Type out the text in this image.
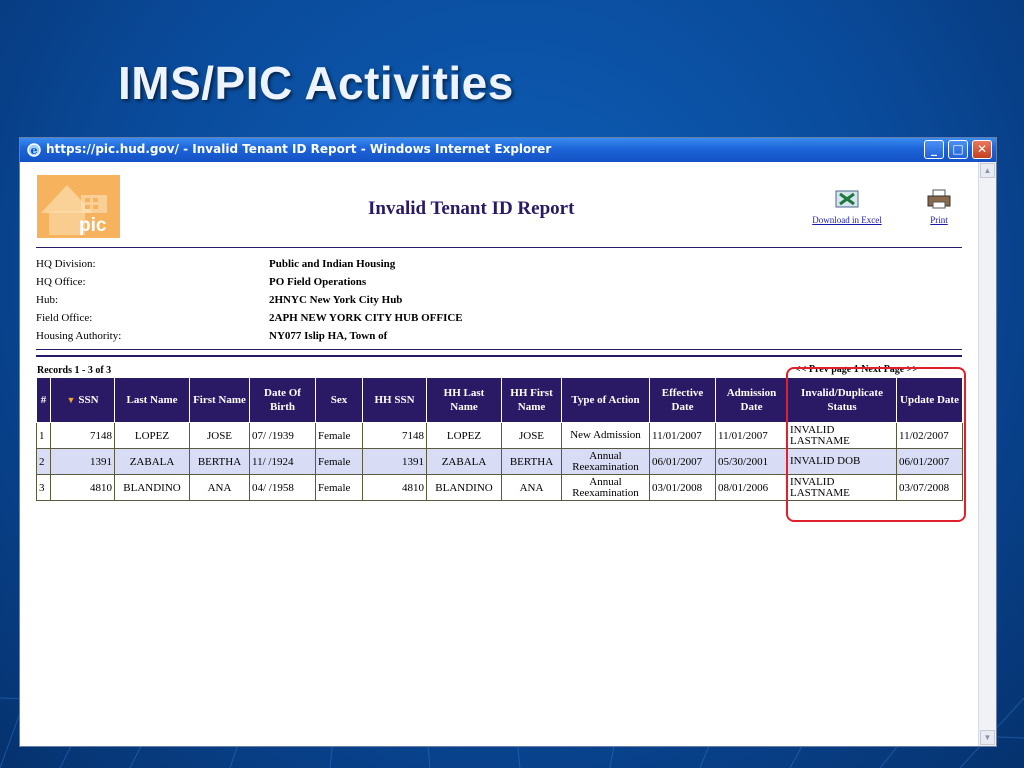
IMS/PIC Activities
e https://pic.hud.gov/ - Invalid Tenant ID Report - Windows Internet Explorer	_	□	✕
pic
Invalid Tenant ID Report
Download in Excel	Print
HQ Division:	Public and Indian Housing
HQ Office:	PO Field Operations
Hub:	2HNYC New York City Hub
Field Office:	2APH NEW YORK CITY HUB OFFICE
Housing Authority:	NY077 Islip HA, Town of
Records 1 - 3 of 3	<< Prev page 1 Next Page >>
#	▼ SSN	Last Name	First Name	Date Of Birth	Sex	HH SSN	HH Last Name	HH First Name	Type of Action	Effective Date	Admission Date	Invalid/Duplicate Status	Update Date
1	7148	LOPEZ	JOSE	07/ /1939	Female	7148	LOPEZ	JOSE	New Admission	11/01/2007	11/01/2007	INVALID LASTNAME	11/02/2007
2	1391	ZABALA	BERTHA	11/ /1924	Female	1391	ZABALA	BERTHA	Annual Reexamination	06/01/2007	05/30/2001	INVALID DOB	06/01/2007
3	4810	BLANDINO	ANA	04/ /1958	Female	4810	BLANDINO	ANA	Annual Reexamination	03/01/2008	08/01/2006	INVALID LASTNAME	03/07/2008
▲
▼
